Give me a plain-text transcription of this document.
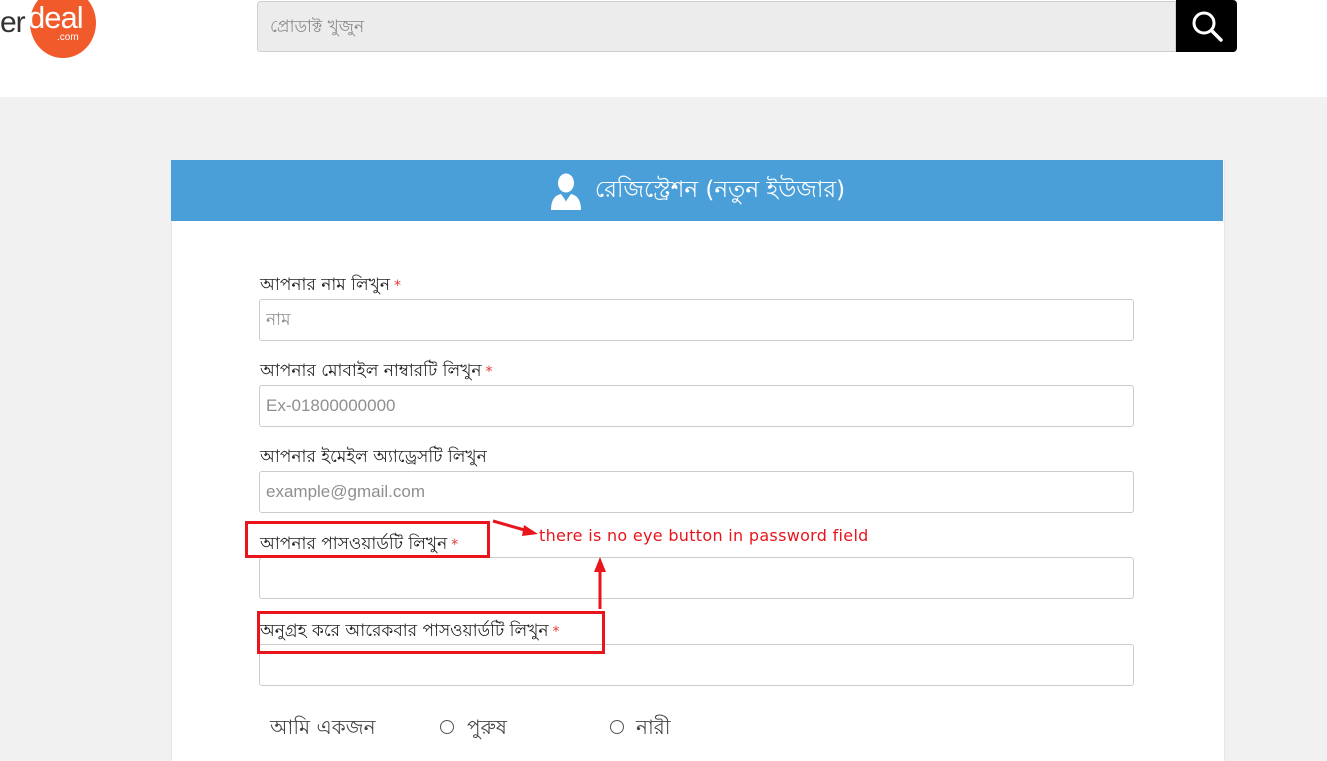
er deal
.com
প্রোডাক্ট খুজুন
রেজিস্ট্রেশন (নতুন ইউজার)
আপনার নাম লিখুন *
নাম
আপনার মোবাইল নাম্বারটি লিখুন *
Ex-01800000000
আপনার ইমেইল অ্যাড্রেসটি লিখুন
example@gmail.com
আপনার পাসওয়ার্ডটি লিখুন *
অনুগ্রহ করে আরেকবার পাসওয়ার্ডটি লিখুন *
আমি একজন	পুরুষ	নারী
there is no eye button in password field
